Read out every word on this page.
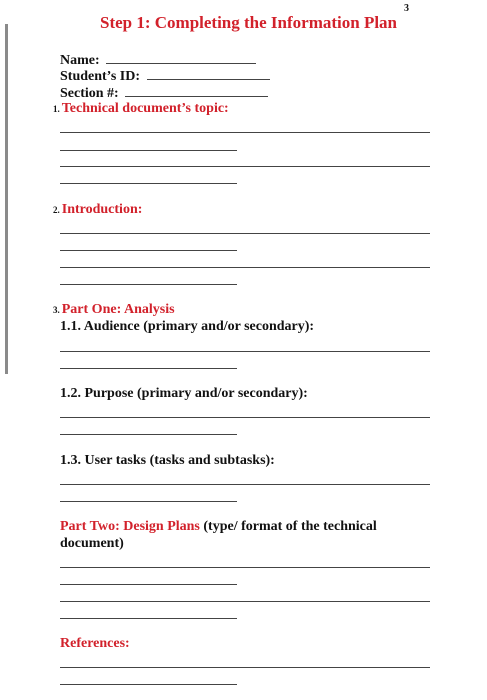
3
Step 1: Completing the Information Plan
Name:
Student’s ID:
Section #:
1. Technical document’s topic:
2. Introduction:
3. Part One: Analysis
1.1. Audience (primary and/or secondary):
1.2. Purpose (primary and/or secondary):
1.3. User tasks (tasks and subtasks):
Part Two: Design Plans (type/ format of the technical
document)
References:
